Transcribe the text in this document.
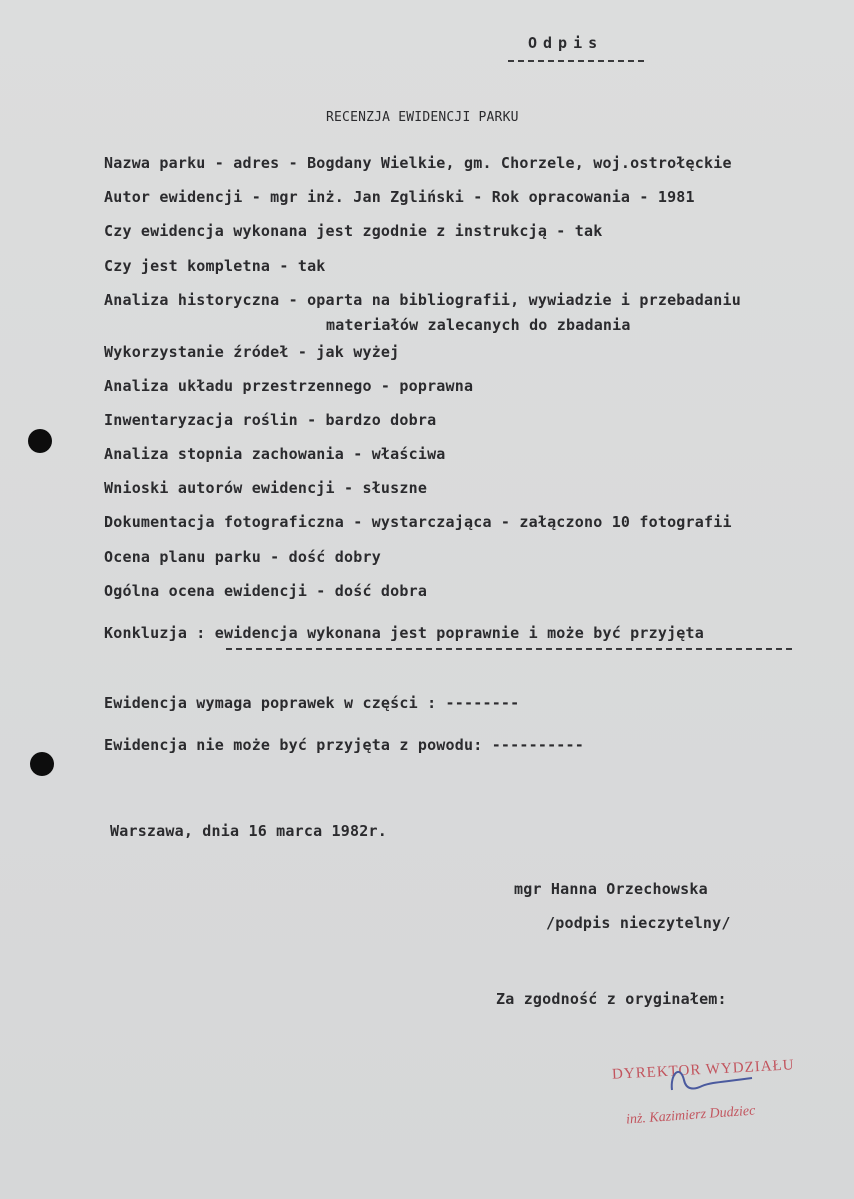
Odpis
RECENZJA EWIDENCJI PARKU
Nazwa parku - adres - Bogdany Wielkie, gm. Chorzele, woj.ostrołęckie
Autor ewidencji - mgr inż. Jan Zgliński - Rok opracowania - 1981
Czy ewidencja wykonana jest zgodnie z instrukcją - tak
Czy jest kompletna - tak
Analiza historyczna - oparta na bibliografii, wywiadzie i przebadaniu
materiałów zalecanych do zbadania
Wykorzystanie źródeł - jak wyżej
Analiza układu przestrzennego - poprawna
Inwentaryzacja roślin - bardzo dobra
Analiza stopnia zachowania - właściwa
Wnioski autorów ewidencji - słuszne
Dokumentacja fotograficzna - wystarczająca - załączono 10 fotografii
Ocena planu parku - dość dobry
Ogólna ocena ewidencji - dość dobra
Konkluzja : ewidencja wykonana jest poprawnie i może być przyjęta
Ewidencja wymaga poprawek w części : --------
Ewidencja nie może być przyjęta z powodu: ----------
Warszawa, dnia 16 marca 1982r.
mgr Hanna Orzechowska
/podpis nieczytelny/
Za zgodność z oryginałem:
DYREKTOR WYDZIAŁU
inż. Kazimierz Dudziec
